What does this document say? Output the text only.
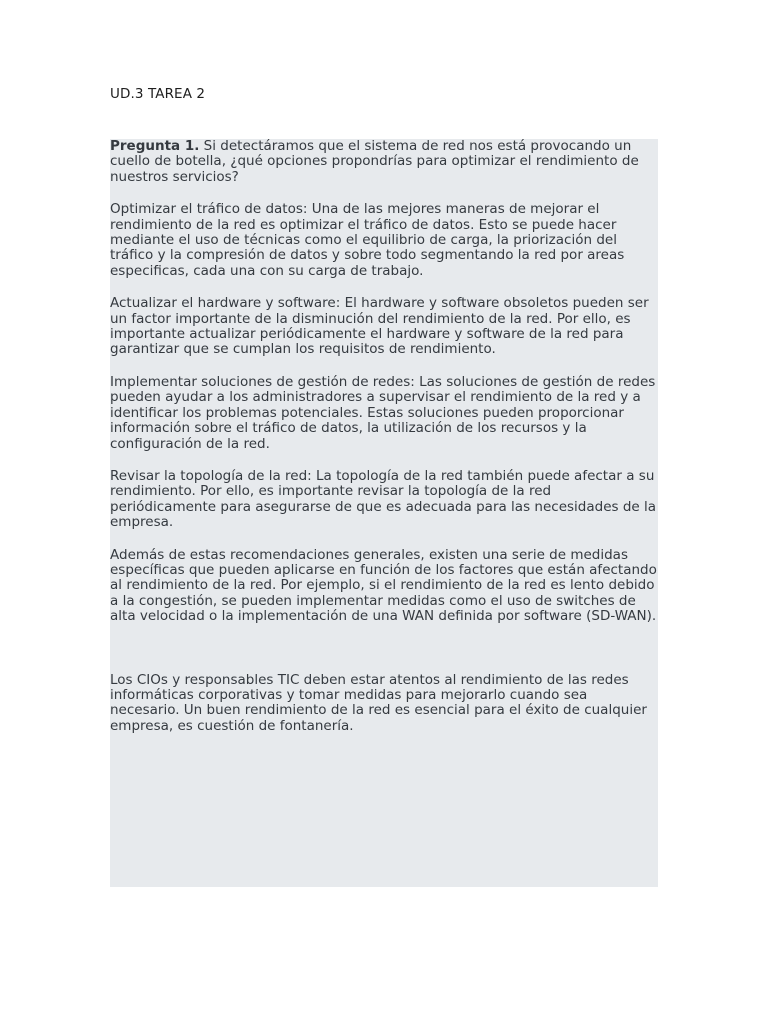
UD.3 TAREA 2

Pregunta 1. Si detectáramos que el sistema de red nos está provocando un cuello de botella, ¿qué opciones propondrías para optimizar el rendimiento de nuestros servicios?

Optimizar el tráfico de datos: Una de las mejores maneras de mejorar el rendimiento de la red es optimizar el tráfico de datos. Esto se puede hacer mediante el uso de técnicas como el equilibrio de carga, la priorización del tráfico y la compresión de datos y sobre todo segmentando la red por areas especificas, cada una con su carga de trabajo.

Actualizar el hardware y software: El hardware y software obsoletos pueden ser un factor importante de la disminución del rendimiento de la red. Por ello, es importante actualizar periódicamente el hardware y software de la red para garantizar que se cumplan los requisitos de rendimiento.

Implementar soluciones de gestión de redes: Las soluciones de gestión de redes pueden ayudar a los administradores a supervisar el rendimiento de la red y a identificar los problemas potenciales. Estas soluciones pueden proporcionar información sobre el tráfico de datos, la utilización de los recursos y la configuración de la red.

Revisar la topología de la red: La topología de la red también puede afectar a su rendimiento. Por ello, es importante revisar la topología de la red periódicamente para asegurarse de que es adecuada para las necesidades de la empresa.

Además de estas recomendaciones generales, existen una serie de medidas específicas que pueden aplicarse en función de los factores que están afectando al rendimiento de la red. Por ejemplo, si el rendimiento de la red es lento debido a la congestión, se pueden implementar medidas como el uso de switches de alta velocidad o la implementación de una WAN definida por software (SD-WAN).

Los CIOs y responsables TIC deben estar atentos al rendimiento de las redes informáticas corporativas y tomar medidas para mejorarlo cuando sea necesario. Un buen rendimiento de la red es esencial para el éxito de cualquier empresa, es cuestión de fontanería.
